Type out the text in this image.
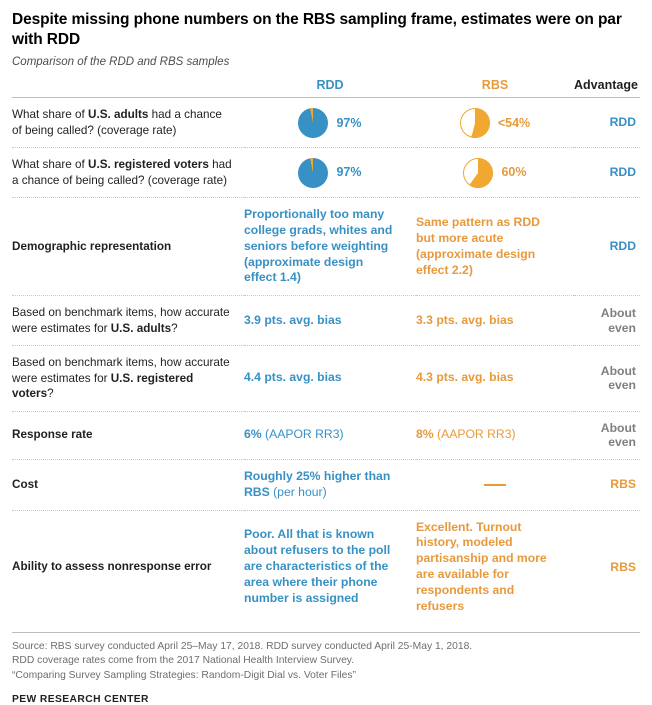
Despite missing phone numbers on the RBS sampling frame, estimates were on par with RDD
Comparison of the RDD and RBS samples
	RDD	RBS	Advantage
What share of U.S. adults had a chance of being called? (coverage rate)	97%	<54%	RDD
What share of U.S. registered voters had a chance of being called? (coverage rate)	97%	60%	RDD
Demographic representation	Proportionally too many college grads, whites and seniors before weighting (approximate design effect 1.4)	Same pattern as RDD but more acute (approximate design effect 2.2)	RDD
Based on benchmark items, how accurate were estimates for U.S. adults?	3.9 pts. avg. bias	3.3 pts. avg. bias	About even
Based on benchmark items, how accurate were estimates for U.S. registered voters?	4.4 pts. avg. bias	4.3 pts. avg. bias	About even
Response rate	6% (AAPOR RR3)	8% (AAPOR RR3)	About even
Cost	Roughly 25% higher than RBS (per hour)		RBS
Ability to assess nonresponse error	Poor. All that is known about refusers to the poll are characteristics of the area where their phone number is assigned	Excellent. Turnout history, modeled partisanship and more are available for respondents and refusers	RBS
Source: RBS survey conducted April 25–May 17, 2018. RDD survey conducted April 25-May 1, 2018.
RDD coverage rates come from the 2017 National Health Interview Survey.
“Comparing Survey Sampling Strategies: Random-Digit Dial vs. Voter Files”
PEW RESEARCH CENTER
